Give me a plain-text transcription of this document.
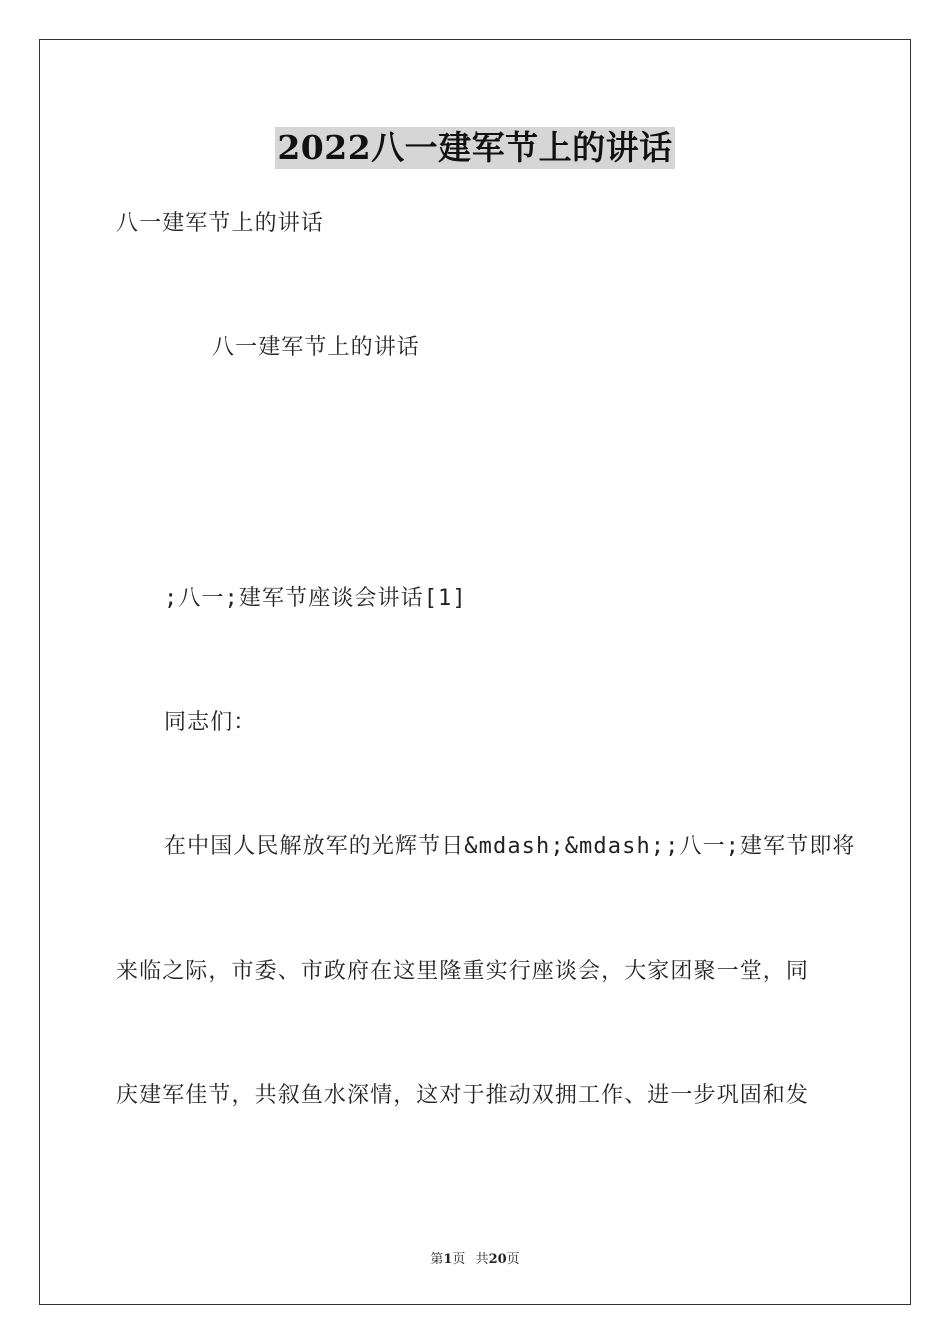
2022八一建军节上的讲话
八一建军节上的讲话
八一建军节上的讲话
;八一;建军节座谈会讲话[1]
同志们：
在中国人民解放军的光辉节日&mdash;&mdash;;八一;建军节即将
来临之际，市委、市政府在这里隆重实行座谈会，大家团聚一堂，同
庆建军佳节，共叙鱼水深情，这对于推动双拥工作、进一步巩固和发
第1页 共20页
